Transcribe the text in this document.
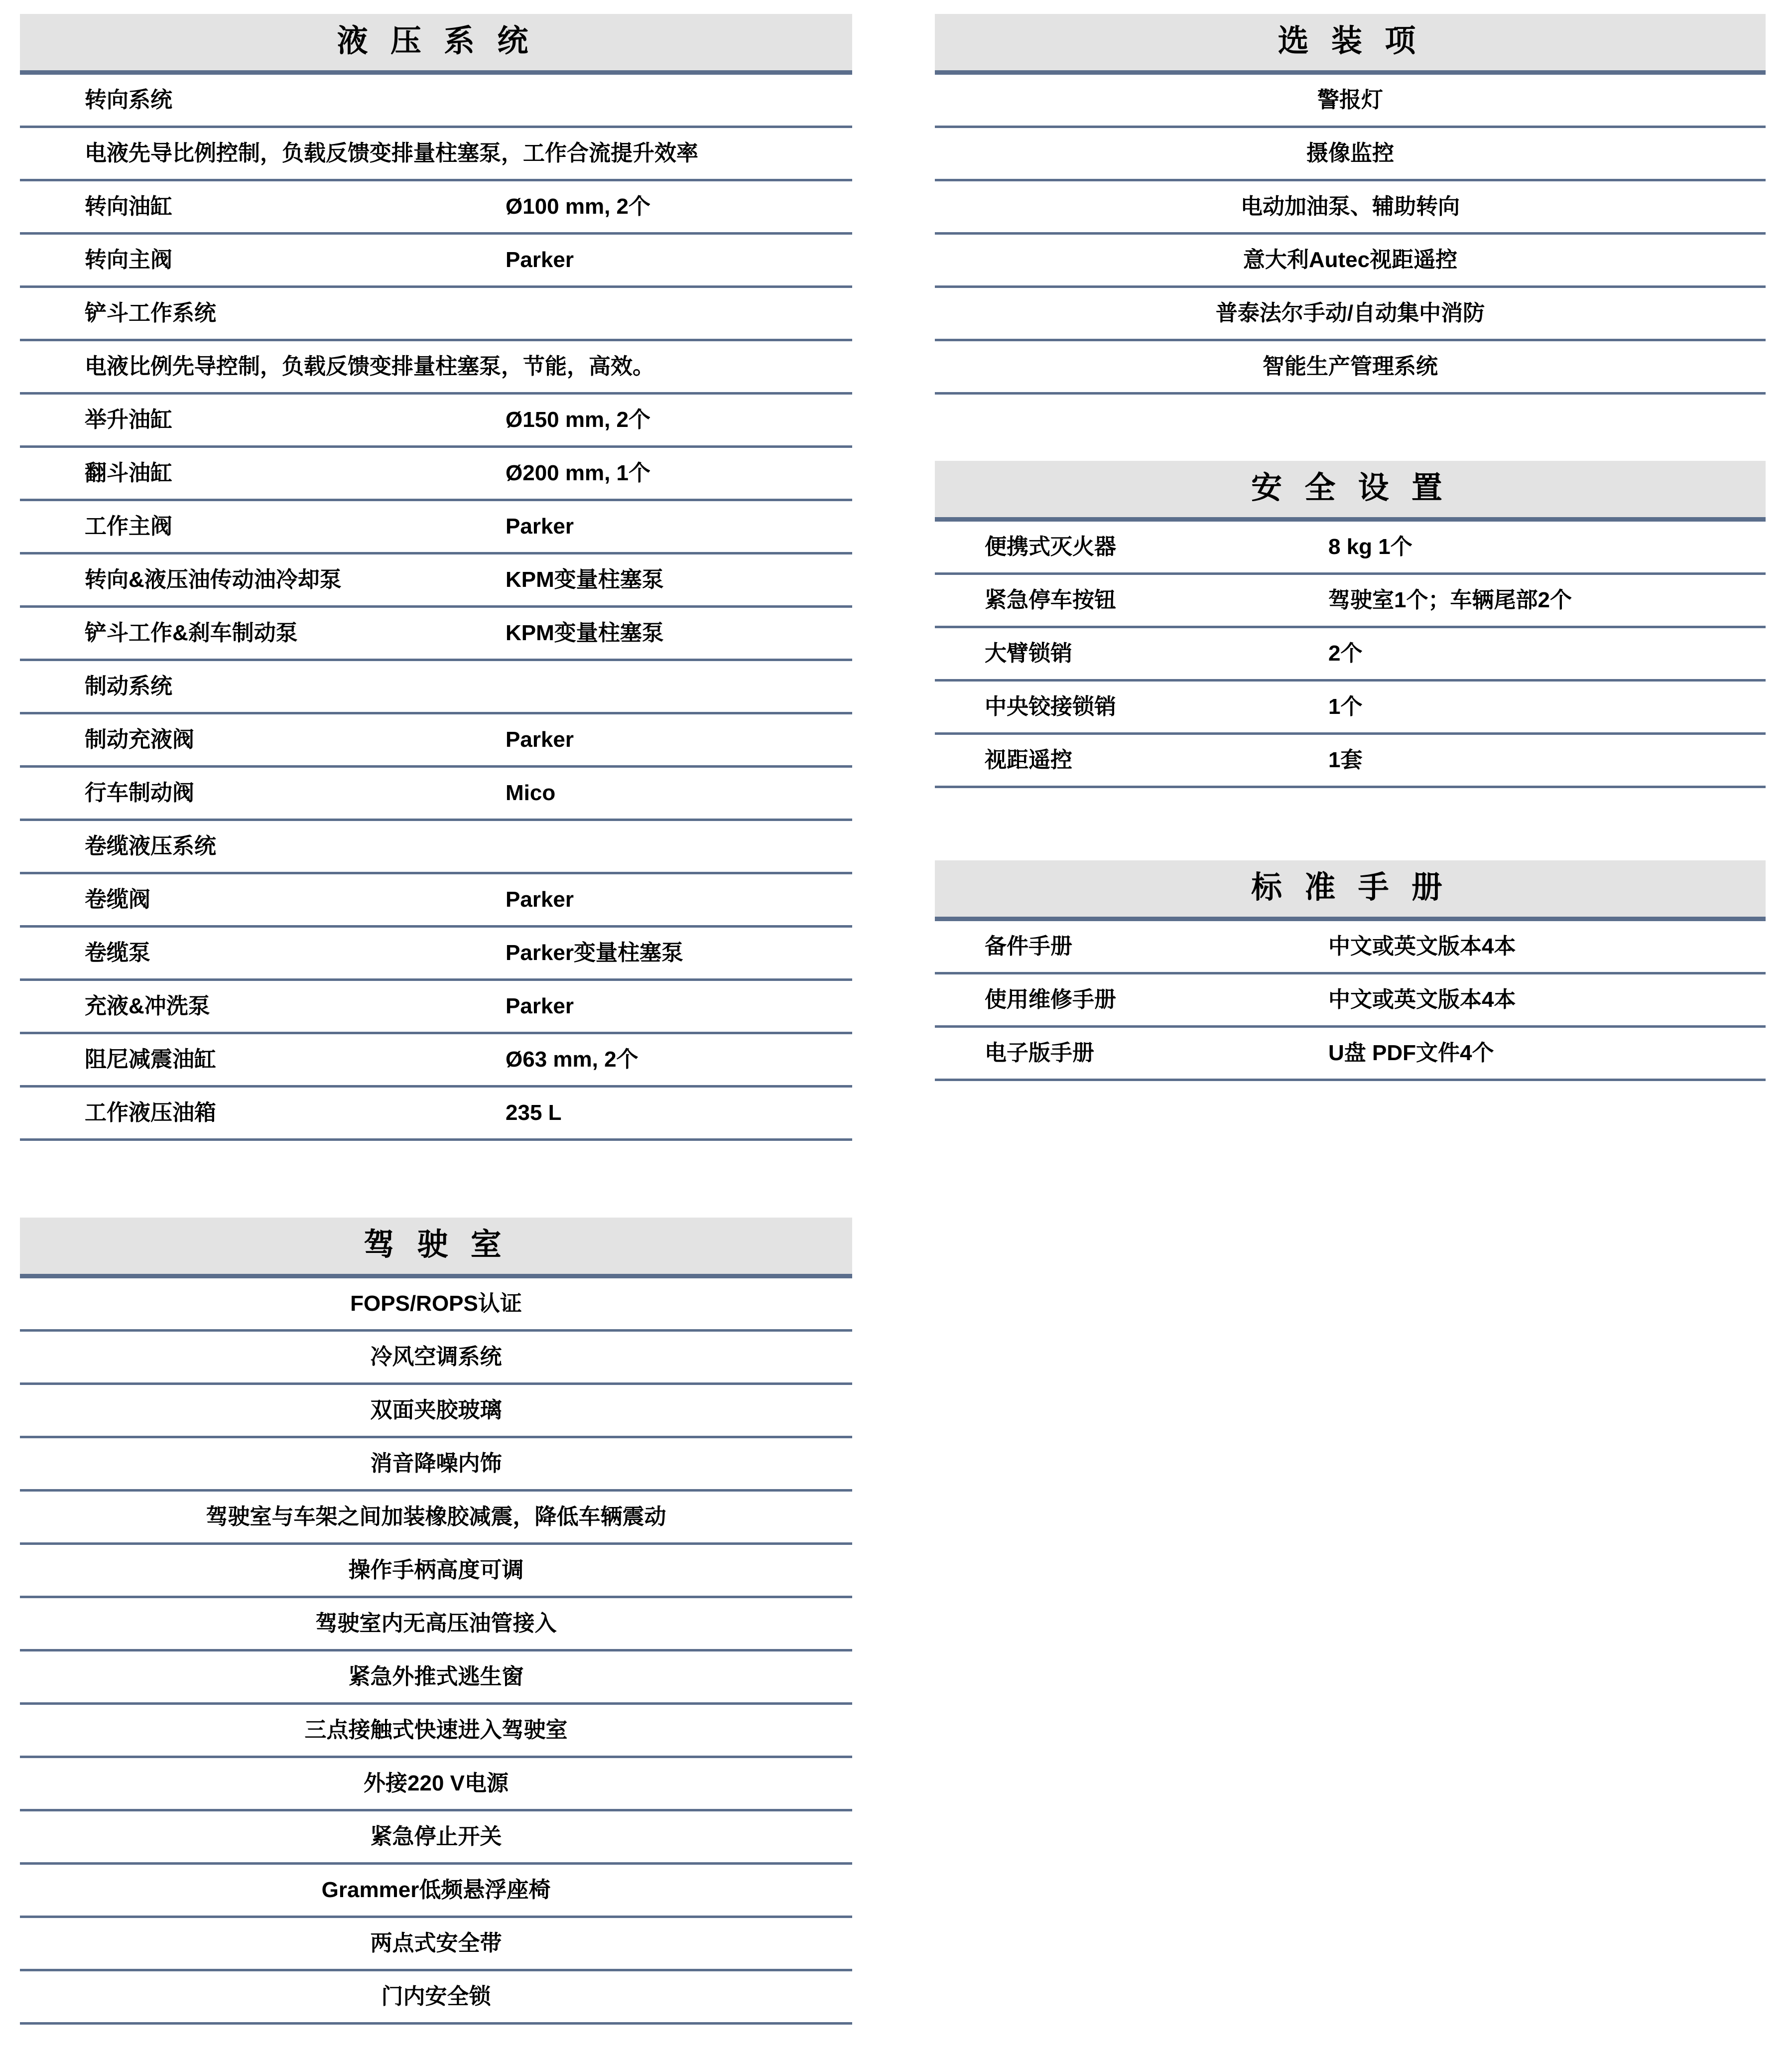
液 压 系 统
转向系统
电液先导比例控制，负载反馈变排量柱塞泵，工作合流提升效率
转向油缸	Ø100 mm, 2个
转向主阀	Parker
铲斗工作系统
电液比例先导控制，负载反馈变排量柱塞泵，节能，高效。
举升油缸	Ø150 mm, 2个
翻斗油缸	Ø200 mm, 1个
工作主阀	Parker
转向&液压油传动油冷却泵	KPM变量柱塞泵
铲斗工作&刹车制动泵	KPM变量柱塞泵
制动系统
制动充液阀	Parker
行车制动阀	Mico
卷缆液压系统
卷缆阀	Parker
卷缆泵	Parker变量柱塞泵
充液&冲洗泵	Parker
阻尼减震油缸	Ø63 mm, 2个
工作液压油箱	235 L
驾 驶 室
FOPS/ROPS认证
冷风空调系统
双面夹胶玻璃
消音降噪内饰
驾驶室与车架之间加装橡胶减震，降低车辆震动
操作手柄高度可调
驾驶室内无高压油管接入
紧急外推式逃生窗
三点接触式快速进入驾驶室
外接220 V电源
紧急停止开关
Grammer低频悬浮座椅
两点式安全带
门内安全锁
选 装 项
警报灯
摄像监控
电动加油泵、辅助转向
意大利Autec视距遥控
普泰法尔手动/自动集中消防
智能生产管理系统
安 全 设 置
便携式灭火器	8 kg 1个
紧急停车按钮	驾驶室1个；车辆尾部2个
大臂锁销	2个
中央铰接锁销	1个
视距遥控	1套
标 准 手 册
备件手册	中文或英文版本4本
使用维修手册	中文或英文版本4本
电子版手册	U盘 PDF文件4个
